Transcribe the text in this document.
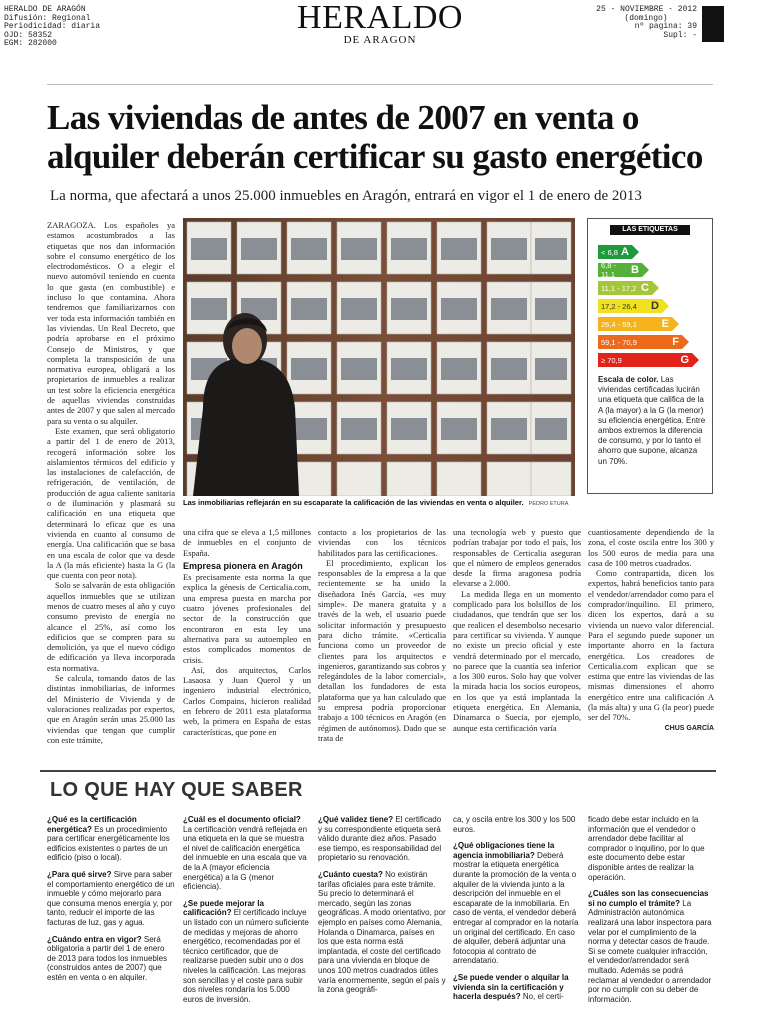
HERALDO DE ARAGÓN
Difusión: Regional
Periodicidad: diaria
OJD: 58352
EGM: 282000
HERALDO
DE ARAGON
25 - NOVIEMBRE - 2012
(domingo)
nº pagina: 39
Supl: -
Las viviendas de antes de 2007 en venta o
alquiler deberán certificar su gasto energético
La norma, que afectará a unos 25.000 inmuebles en Aragón, entrará en vigor el 1 de enero de 2013

ZARAGOZA. Los españoles ya estamos acostumbrados a las etiquetas que nos dan información sobre el consumo energético de los electrodomésticos. O a elegir el nuevo automóvil teniendo en cuenta lo que gasta (en combustible) e incluso lo que contamina. Ahora tendremos que familiarizarnos con ver toda esta información también en las viviendas. Un Real Decreto, que podría aprobarse en el próximo Consejo de Ministros, y que completa la transposición de una normativa europea, obligará a los propietarios de inmuebles a realizar un test sobre la eficiencia energética de aquellas viviendas construidas antes de 2007 y que salen al mercado para su venta o su alquiler.

Este examen, que será obligatorio a partir del 1 de enero de 2013, recogerá información sobre los aislamientos térmicos del edificio y las instalaciones de calefacción, de refrigeración, de ventilación, de producción de agua caliente sanitaria o de iluminación y plasmará su calificación en una etiqueta que determinará lo eficaz que es una vivienda en cuanto al consumo de energía. Una calificación que se basa en una escala de color que va desde la A (la más eficiente) hasta la G (la que cuenta con peor nota).

Solo se salvarán de esta obligación aquellos inmuebles que se utilizan menos de cuatro meses al año y cuyo consumo previsto de energía no alcance el 25%, así como los edificios que se compren para su demolición, ya que el nuevo código de edificación ya lleva incorporada esta normativa.

Se calcula, tomando datos de las distintas inmobiliarias, de informes del Ministerio de Vivienda y de valoraciones realizadas por expertos, que en Aragón serán unas 25.000 las viviendas que tengan que cumplir con este trámite,

Las inmobiliarias reflejarán en su escaparate la calificación de las viviendas en venta o alquiler. PEDRO ETURA
LAS ETIQUETAS
< 6,8 A
6,8 - 11,1	B
11,1 - 17,2 C
17,2 - 26,4 D
26,4 - 59,1 E
59,1 - 70,9	F
≥ 70,9	G
Escala de color. Las viviendas certificadas lucirán una etiqueta que califica de la A (la mayor) a la G (la menor) su eficiencia energética. Entre ambos extremos la diferencia de consumo, y por lo tanto el ahorro que supone, alcanza un 70%.

una cifra que se eleva a 1,5 millones de inmuebles en el conjunto de España.

Empresa pionera en Aragón

Es precisamente esta norma la que explica la génesis de Certicalia.com, una empresa puesta en marcha por cuatro jóvenes profesionales del sector de la construcción que encontraron en esta ley una alternativa para su autoempleo en estos complicados momentos de crisis.

Así, dos arquitectos, Carlos Lasaosa y Juan Querol y un ingeniero industrial electrónico, Carlos Compains, hicieron realidad en febrero de 2011 esta plataforma web, la primera en España de estas características, que pone en

contacto a los propietarios de las viviendas con los técnicos habilitados para las certificaciones.

El procedimiento, explican los responsables de la empresa a la que recientemente se ha unido la diseñadora Inés García, «es muy simple». De manera gratuita y a través de la web, el usuario puede solicitar información y presupuesto para dicho trámite. «Certicalia funciona como un proveedor de clientes para los arquitectos e ingenieros, garantizando sus cobros y relegándoles de la labor comercial», detallan los fundadores de esta plataforma que ya han calculado que su empresa podría proporcionar trabajo a 100 técnicos en Aragón (en régimen de autónomos). Dado que se trata de

una tecnología web y puesto que podrían trabajar por todo el país, los responsables de Certicalia aseguran que el número de empleos generados desde la firma aragonesa podría elevarse a 2.000.

La medida llega en un momento complicado para los bolsillos de los ciudadanos, que tendrán que ser los que realicen el desembolso necesario para certificar su vivienda. Y aunque no existe un precio oficial y este vendrá determinado por el mercado, no parece que la cuantía sea inferior a los 300 euros. Solo hay que volver la mirada hacia los socios europeos, en los que ya está implantada la etiqueta energética. En Alemania, Dinamarca o Suecia, por ejemplo, aunque esta certificación varía

cuantiosamente dependiendo de la zona, el coste oscila entre los 300 y los 500 euros de media para una casa de 100 metros cuadrados.

Como contrapartida, dicen los expertos, habrá beneficios tanto para el vendedor/arrendador como para el comprador/inquilino. El primero, dicen los expertos, dará a su vivienda un nuevo valor diferencial. Para el segundo puede suponer un importante ahorro en la factura energética. Los creadores de Certicalia.com explican que se estima que entre las viviendas de las mismas dimensiones el ahorro energético entre una calificación A (la más alta) y una G (la peor) puede ser del 70%.

CHUS GARCÍA
LO QUE HAY QUE SABER
¿Qué es la certificación energética? Es un procedimiento para certificar energéticamente los edificios existentes o partes de un edificio (piso o local).
¿Para qué sirve? Sirve para saber el comportamiento energético de un inmueble y cómo mejorarlo para que consuma menos energía y, por tanto, reducir el importe de las facturas de luz, gas y agua.
¿Cuándo entra en vigor? Será obligatoria a partir del 1 de enero de 2013 para todos los inmuebles (construidos antes de 2007) que estén en venta o en alquiler.
¿Cuál es el documento oficial? La certificación vendrá reflejada en una etiqueta en la que se muestra el nivel de calificación energética del inmueble en una escala que va de la A (mayor eficiencia energética) a la G (menor eficiencia).
¿Se puede mejorar la calificación? El certificado incluye un listado con un número suficiente de medidas y mejoras de ahorro energético, recomendadas por el técnico certificador, que de realizarse pueden subir uno o dos niveles la calificación. Las mejoras son sencillas y el coste para subir dos niveles rondaría los 5.000 euros de inversión.
¿Qué validez tiene? El certificado y su correspondiente etiqueta será válido durante diez años. Pasado ese tiempo, es responsabilidad del propietario su renovación.
¿Cuánto cuesta? No existirán tarifas oficiales para este trámite. Su precio lo determinará el mercado, según las zonas geográficas. A modo orientativo, por ejemplo en países como Alemania, Holanda o Dinamarca, países en los que esta norma está implantada, el coste del certificado para una vivienda en bloque de unos 100 metros cuadrados útiles varía enormemente, según el país y la zona geográfi-
ca, y oscila entre los 300 y los 500 euros.
¿Qué obligaciones tiene la agencia inmobiliaria? Deberá mostrar la etiqueta energética durante la promoción de la venta o alquiler de la vivienda junto a la descripción del inmueble en el escaparate de la inmobiliaria. En caso de venta, el vendedor deberá entregar al comprador en la notaría un original del certificado. En caso de alquiler, deberá adjuntar una fotocopia al contrato de arrendatario.
¿Se puede vender o alquilar la vivienda sin la certificación y hacerla después? No, el certi-
ficado debe estar incluido en la información que el vendedor o arrendador debe facilitar al comprador o inquilino, por lo que este documento debe estar disponible antes de realizar la operación.
¿Cuáles son las consecuencias si no cumplo el trámite? La Administración autonómica realizará una labor inspectora para velar por el cumplimiento de la norma y detectar casos de fraude. Si se comete cualquier infracción, el vendedor/arrendador será multado. Además se podrá reclamar al vendedor o arrendador por no cumplir con su deber de información.
